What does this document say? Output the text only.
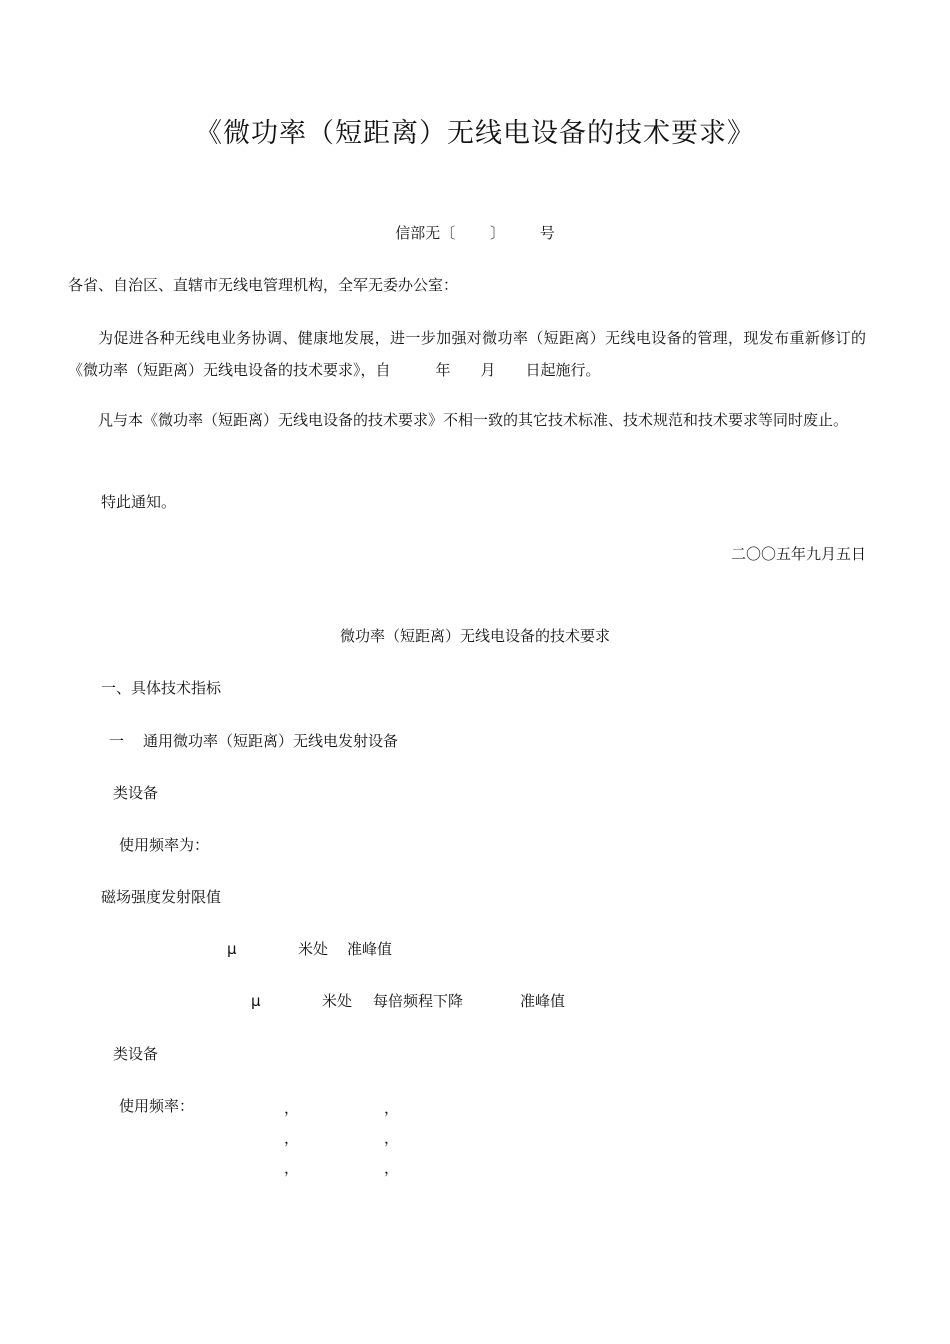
《微功率（短距离）无线电设备的技术要求》
信部无〔 　　〕 　　号
各省、自治区、直辖市无线电管理机构，全军无委办公室：
为促进各种无线电业务协调、健康地发展，进一步加强对微功率（短距离）无线电设备的管理，现发布重新修订的《微功率（短距离）无线电设备的技术要求》，自　　　年　　月　　日起施行。
凡与本《微功率（短距离）无线电设备的技术要求》不相一致的其它技术标准、技术规范和技术要求等同时废止。
特此通知。
二〇〇五年九月五日
微功率（短距离）无线电设备的技术要求
一、具体技术指标
一 通用微功率（短距离）无线电发射设备
类设备
使用频率为：
磁场强度发射限值
μ	米处 准峰值
μ	米处 每倍频程下降	准峰值
类设备
使用频率：	，	，
，	，
，	，
